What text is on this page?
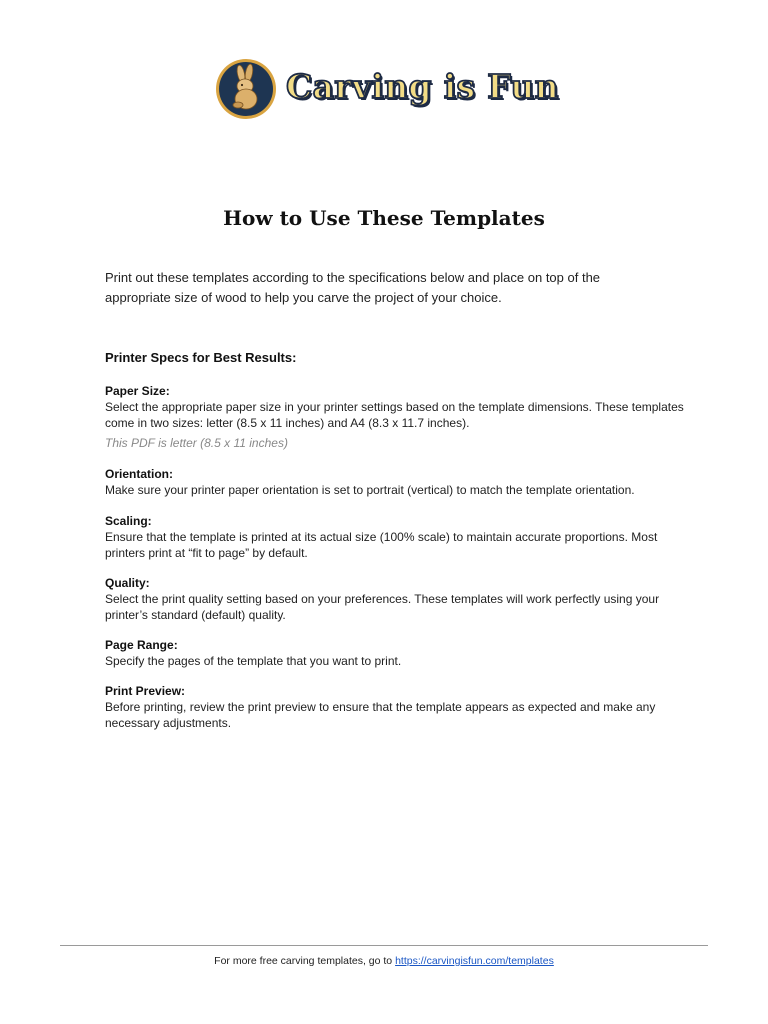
Carving is Fun
How to Use These Templates
Print out these templates according to the specifications below and place on top of the appropriate size of wood to help you carve the project of your choice.
Printer Specs for Best Results:
Paper Size:
Select the appropriate paper size in your printer settings based on the template dimensions. These templates come in two sizes: letter (8.5 x 11 inches) and A4 (8.3 x 11.7 inches).
This PDF is letter (8.5 x 11 inches)
Orientation:
Make sure your printer paper orientation is set to portrait (vertical) to match the template orientation.
Scaling:
Ensure that the template is printed at its actual size (100% scale) to maintain accurate proportions. Most printers print at “fit to page” by default.
Quality:
Select the print quality setting based on your preferences. These templates will work perfectly using your printer’s standard (default) quality.
Page Range:
Specify the pages of the template that you want to print.
Print Preview:
Before printing, review the print preview to ensure that the template appears as expected and make any necessary adjustments.
For more free carving templates, go to https://carvingisfun.com/templates
